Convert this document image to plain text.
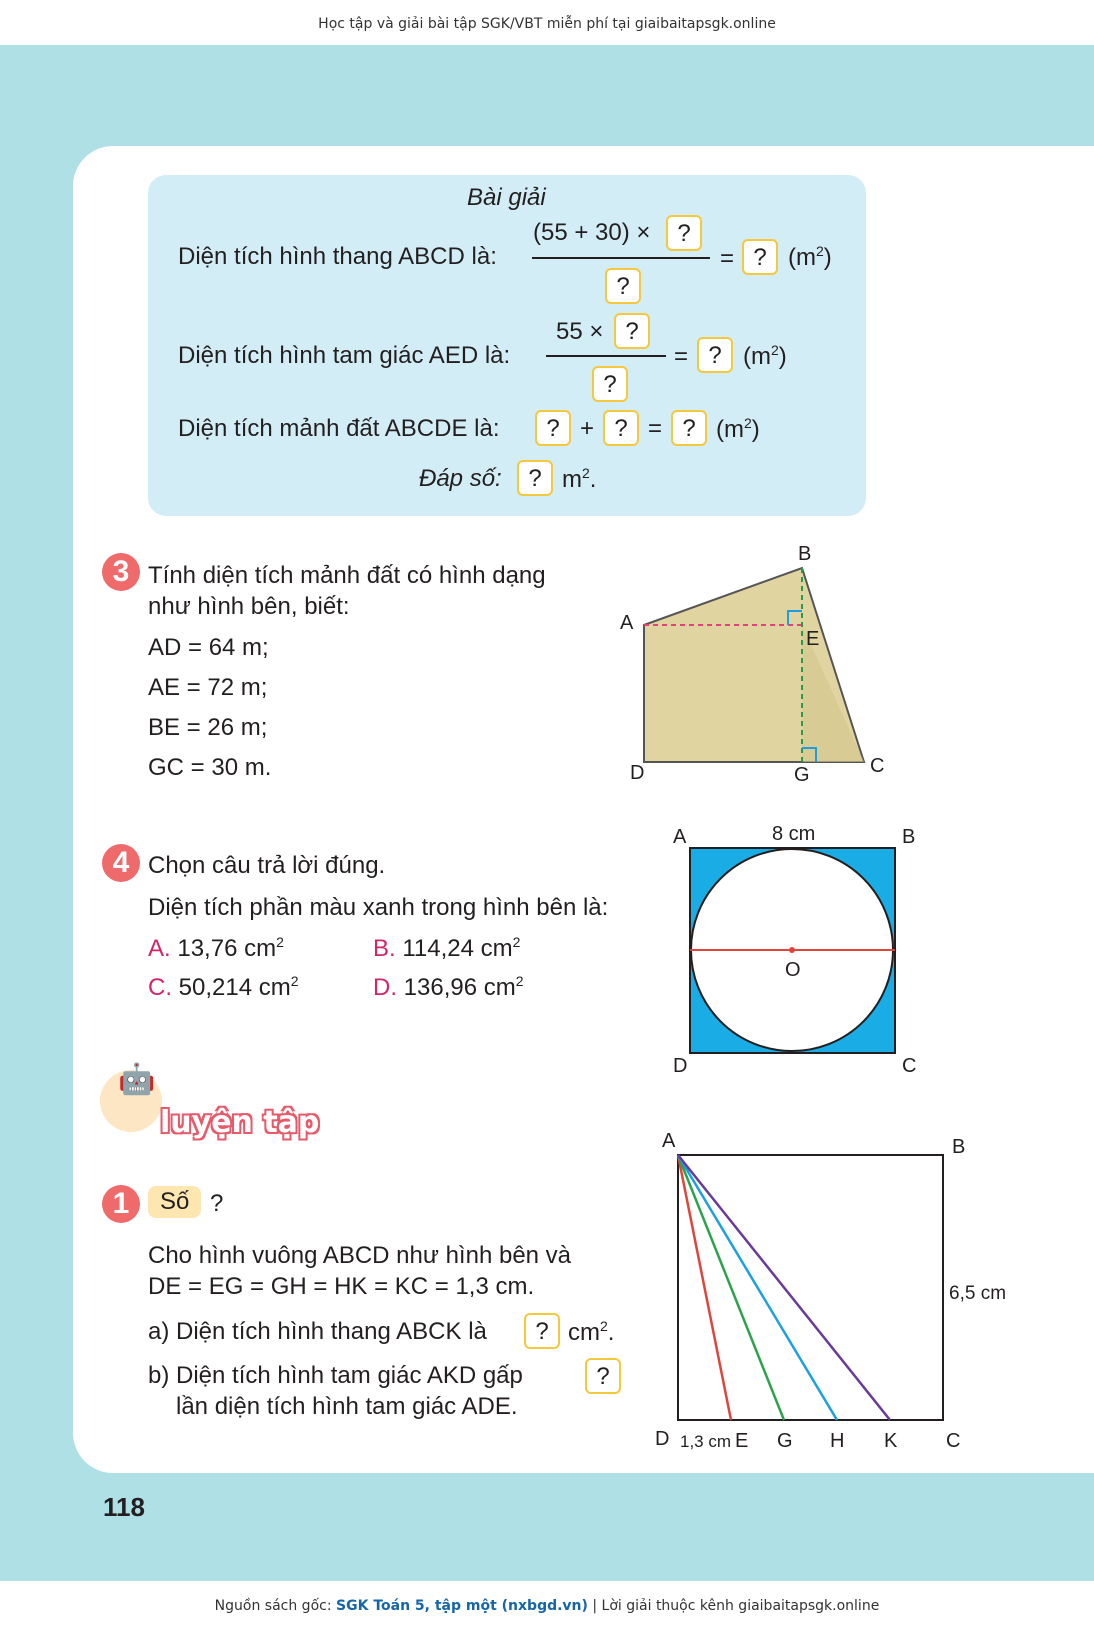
Học tập và giải bài tập SGK/VBT miễn phí tại giaibaitapsgk.online
Bài giải
Diện tích hình thang ABCD là:
(55 + 30) ×	?
?
= ? $(m^2)$
Diện tích hình tam giác AED là:
55 × ?
?
= ? $(m^2)$
Diện tích mảnh đất ABCDE là:	? + ? = ? $(m^2)$
Đáp số:	? $m^2$.
3 Tính diện tích mảnh đất có hình dạng
như hình bên, biết:
AD = 64 m;
AE = 72 m;
BE = 26 m;
GC = 30 m.
A
B
C
D
E
G
4 Chọn câu trả lời đúng.
Diện tích phần màu xanh trong hình bên là:
A. 13,76 $cm^2$	B. 114,24 $cm^2$
C. 50,214 $cm^2$	D. 136,96 $cm^2$
A	B
C
D
O
8 cm
🤖
luyện tập
1	Số ?
Cho hình vuông ABCD như hình bên và
DE = EG = GH = HK = KC = 1,3 cm.
a) Diện tích hình thang ABCK là	? $cm^2$.
b) Diện tích hình tam giác AKD gấp	?
lần diện tích hình tam giác ADE.
A	B
C
D	E G H K
6,5 cm
1,3 cm
118
Nguồn sách gốc: SGK Toán 5, tập một (nxbgd.vn) | Lời giải thuộc kênh giaibaitapsgk.online
